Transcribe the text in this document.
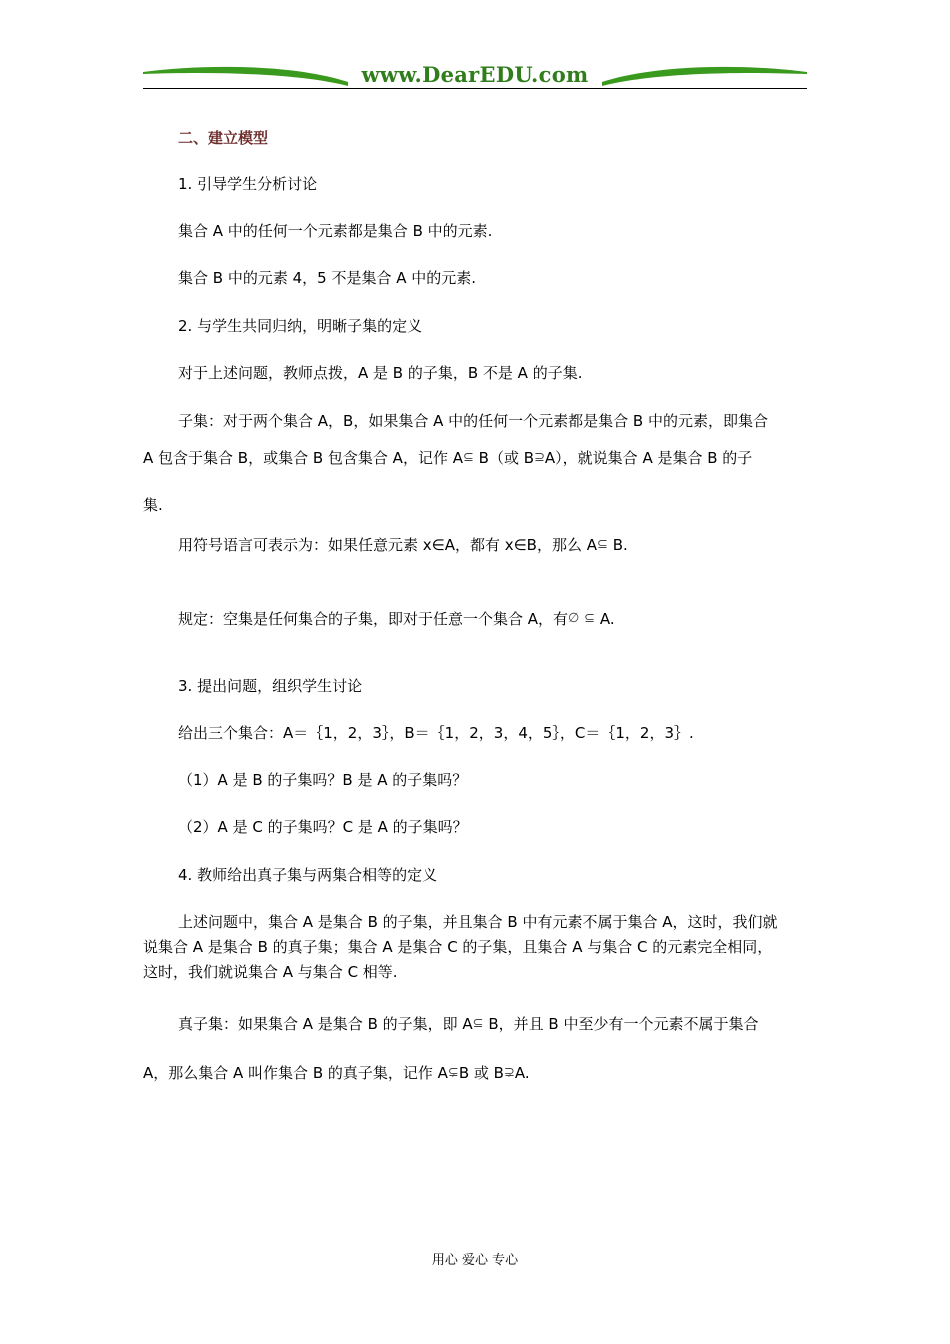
www.DearEDU.com
二、建立模型
1. 引导学生分析讨论
集合 A 中的任何一个元素都是集合 B 中的元素.
集合 B 中的元素 4，5 不是集合 A 中的元素.
2. 与学生共同归纳，明晰子集的定义
对于上述问题，教师点拨，A 是 B 的子集，B 不是 A 的子集.
子集：对于两个集合 A，B，如果集合 A 中的任何一个元素都是集合 B 中的元素，即集合
A 包含于集合 B，或集合 B 包含集合 A，记作 A⊆ B（或 B⊇A），就说集合 A 是集合 B 的子
集.
用符号语言可表示为：如果任意元素 x∈A，都有 x∈B，那么 A⊆ B.
规定：空集是任何集合的子集，即对于任意一个集合 A，有∅ ⊆ A.
3. 提出问题，组织学生讨论
给出三个集合：A＝｛1，2，3｝，B＝｛1，2，3，4，5｝，C＝｛1，2，3｝.
（1）A 是 B 的子集吗？B 是 A 的子集吗？
（2）A 是 C 的子集吗？C 是 A 的子集吗？
4. 教师给出真子集与两集合相等的定义
上述问题中，集合 A 是集合 B 的子集，并且集合 B 中有元素不属于集合 A，这时，我们就
说集合 A 是集合 B 的真子集；集合 A 是集合 C 的子集，且集合 A 与集合 C 的元素完全相同，
这时，我们就说集合 A 与集合 C 相等.
真子集：如果集合 A 是集合 B 的子集，即 A⊆ B，并且 B 中至少有一个元素不属于集合
A，那么集合 A 叫作集合 B 的真子集，记作 A⊊B 或 B⊋A.
用心 爱心 专心
